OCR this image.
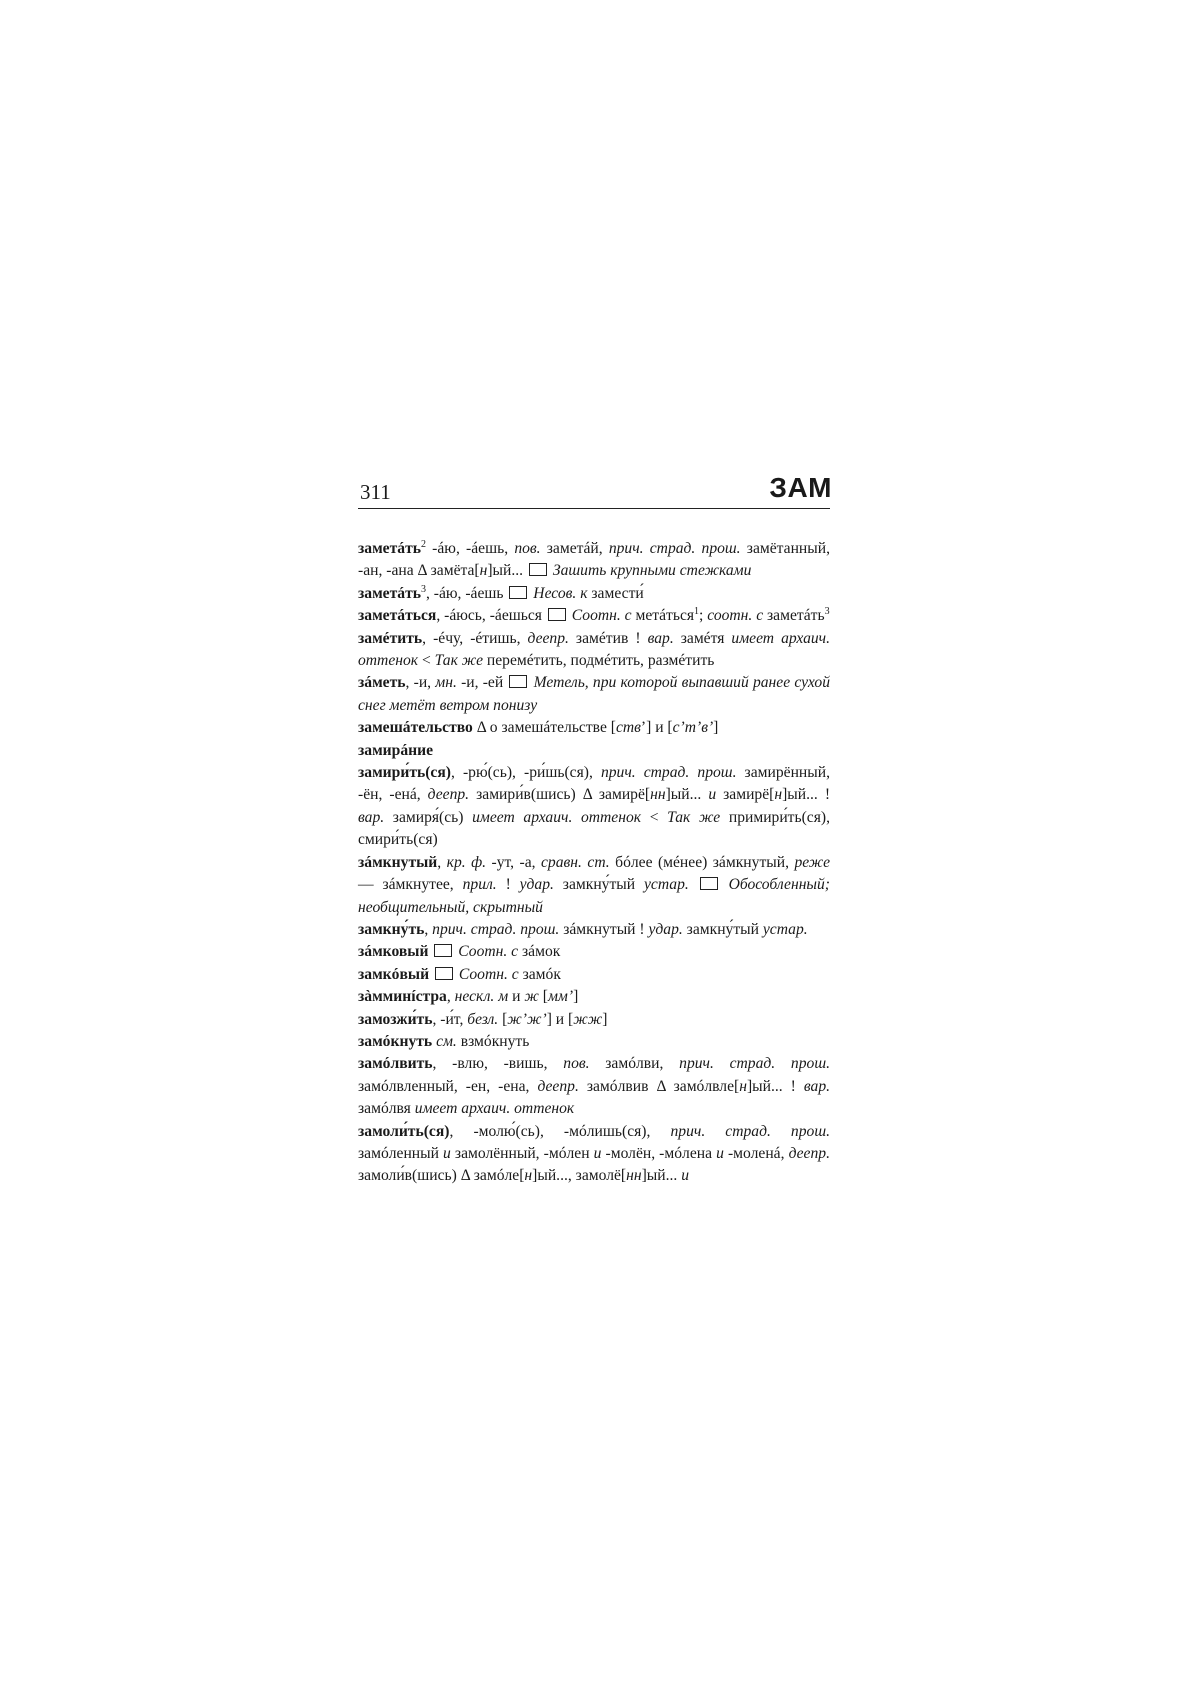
311	ЗАМ
заметáть$^2$ -áю, -áешь, пов. заметáй, прич. страд. прош. замётанный, -ан, -ана Δ замёта[н]ый...  Зашить крупными стежками
заметáть$^3$, -áю, -áешь  Несов. к замести́
заметáться, -áюсь, -áешься  Соотн. с метáться$^1$; соотн. с заметáть$^3$
замéтить, -éчу, -éтишь, деепр. замéтив ! вар. замéтя имеет архаич. оттенок < Так же перемéтить, подмéтить, размéтить
зáметь, -и, мн. -и, -ей  Метель, при которой выпавший ранее сухой снег метёт ветром понизу
замешáтельство Δ о замешáтельстве [ствʼ] и [сʼтʼвʼ]
замирáние
замири́ть(ся), -рю́(сь), -ри́шь(ся), прич. страд. прош. замирённый, -ён, -енá, деепр. замири́в(шись) Δ замирё[нн]ый... и замирё[н]ый... ! вар. замиря́(сь) имеет архаич. оттенок < Так же примири́ть(ся), смири́ть(ся)
зáмкнутый, кр. ф. -ут, -а, сравн. ст. бóлее (мéнее) зáмкнутый, реже — зáмкнутее, прил. ! удар. замкну́тый устар.  Обособленный; необщительный, скрытный
замкну́ть, прич. страд. прош. зáмкнутый ! удар. замкну́тый устар.
зáмковый  Соотн. с зáмок
замкóвый  Соотн. с замóк
зàмминíстра, нескл. м и ж [ммʼ]
замозжи́ть, -и́т, безл. [жʼжʼ] и [жж]
замóкнуть см. взмóкнуть
замóлвить, -влю, -вишь, пов. замóлви, прич. страд. прош. замóлвленный, -ен, -ена, деепр. замóлвив Δ замóлвле[н]ый... ! вар. замóлвя имеет архаич. оттенок
замоли́ть(ся), -молю́(сь), -мóлишь(ся), прич. страд. прош. замóленный и замолённый, -мóлен и -молён, -мóлена и -моленá, деепр. замоли́в(шись) Δ замóле[н]ый..., замолё[нн]ый... и
